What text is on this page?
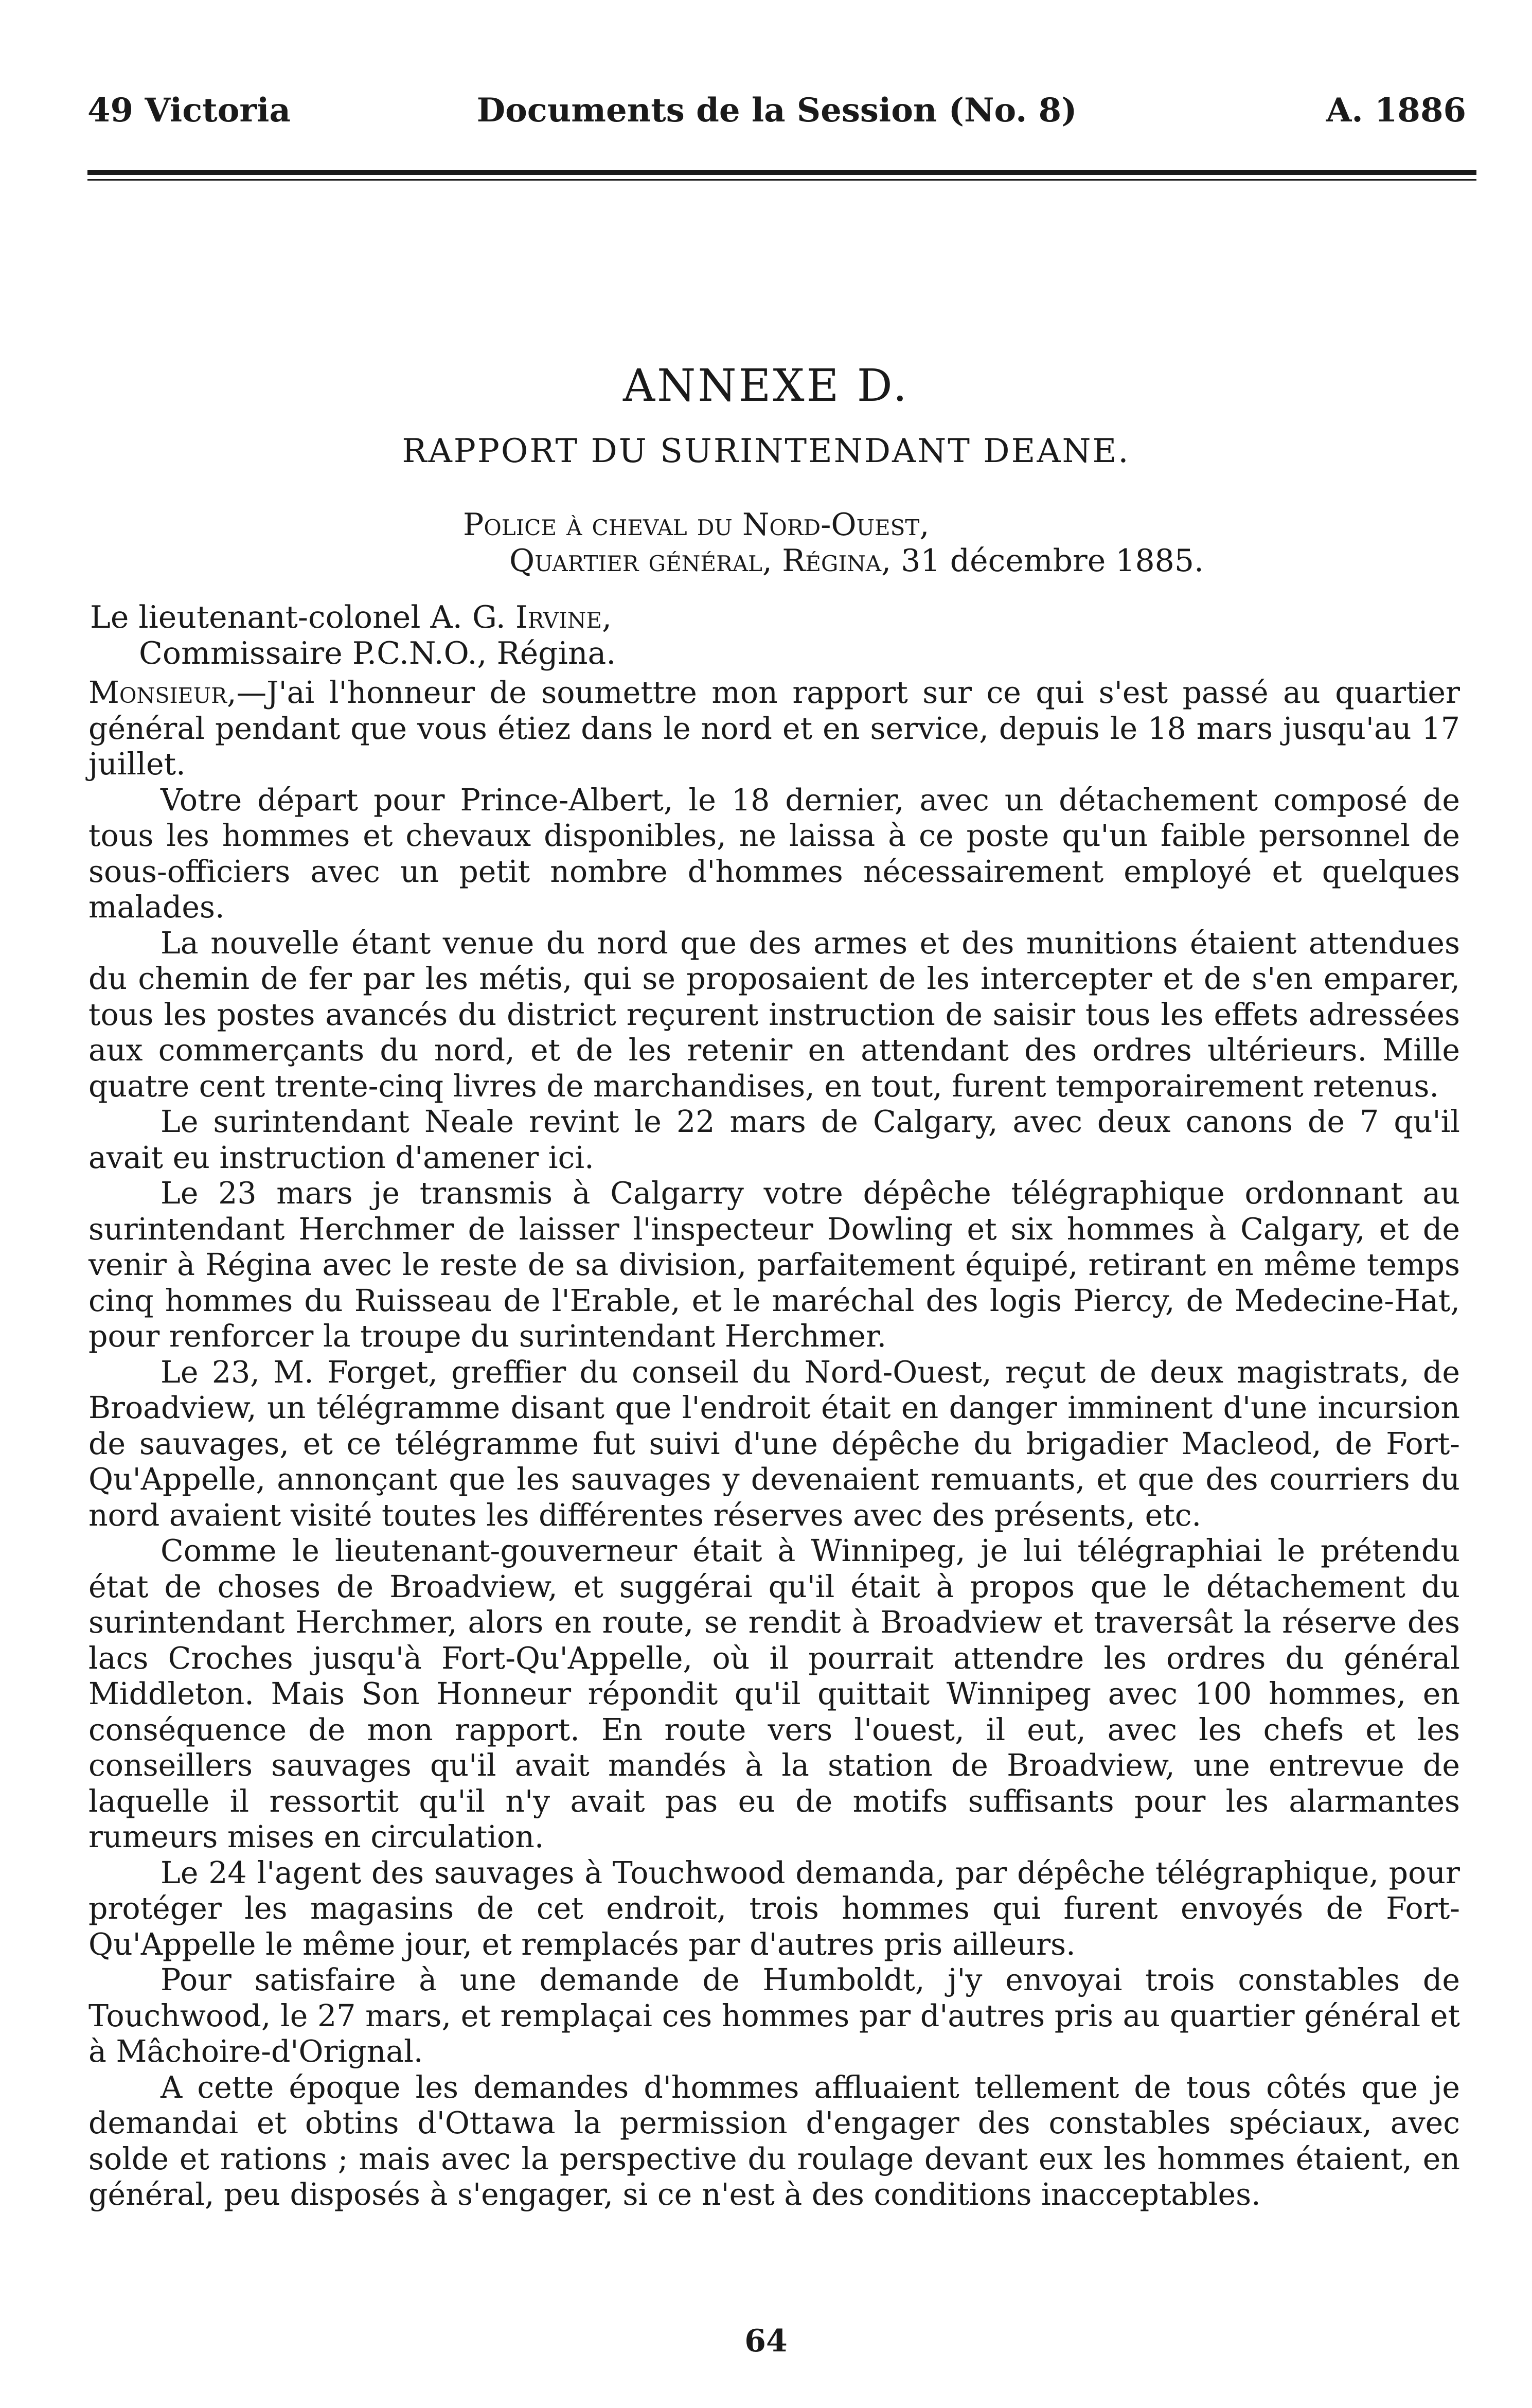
49 Victoria	Documents de la Session (No. 8)	A. 1886
ANNEXE D.
RAPPORT DU SURINTENDANT DEANE.
Police à cheval du Nord-Ouest,
Quartier général, Régina, 31 décembre 1885.
Le lieutenant-colonel A. G. Irvine,
Commissaire P.C.N.O., Régina.

Monsieur,—J'ai l'honneur de soumettre mon rapport sur ce qui s'est passé au quartier général pendant que vous étiez dans le nord et en service, depuis le 18 mars jusqu'au 17 juillet.

Votre départ pour Prince-Albert, le 18 dernier, avec un détachement composé de tous les hommes et chevaux disponibles, ne laissa à ce poste qu'un faible personnel de sous-officiers avec un petit nombre d'hommes nécessairement employé et quelques malades.

La nouvelle étant venue du nord que des armes et des munitions étaient attendues du chemin de fer par les métis, qui se proposaient de les intercepter et de s'en emparer, tous les postes avancés du district reçurent instruction de saisir tous les effets adressées aux commerçants du nord, et de les retenir en attendant des ordres ultérieurs. Mille quatre cent trente-cinq livres de marchandises, en tout, furent temporairement retenus.

Le surintendant Neale revint le 22 mars de Calgary, avec deux canons de 7 qu'il avait eu instruction d'amener ici.

Le 23 mars je transmis à Calgarry votre dépêche télégraphique ordonnant au surintendant Herchmer de laisser l'inspecteur Dowling et six hommes à Calgary, et de venir à Régina avec le reste de sa division, parfaitement équipé, retirant en même temps cinq hommes du Ruisseau de l'Erable, et le maréchal des logis Piercy, de Medecine-Hat, pour renforcer la troupe du surintendant Herchmer.

Le 23, M. Forget, greffier du conseil du Nord-Ouest, reçut de deux magistrats, de Broadview, un télégramme disant que l'endroit était en danger imminent d'une incursion de sauvages, et ce télégramme fut suivi d'une dépêche du brigadier Macleod, de Fort-Qu'Appelle, annonçant que les sauvages y devenaient remuants, et que des courriers du nord avaient visité toutes les différentes réserves avec des présents, etc.

Comme le lieutenant-gouverneur était à Winnipeg, je lui télégraphiai le prétendu état de choses de Broadview, et suggérai qu'il était à propos que le détachement du surintendant Herchmer, alors en route, se rendit à Broadview et traversât la réserve des lacs Croches jusqu'à Fort-Qu'Appelle, où il pourrait attendre les ordres du général Middleton. Mais Son Honneur répondit qu'il quittait Winnipeg avec 100 hommes, en conséquence de mon rapport. En route vers l'ouest, il eut, avec les chefs et les conseillers sauvages qu'il avait mandés à la station de Broadview, une entrevue de laquelle il ressortit qu'il n'y avait pas eu de motifs suffisants pour les alarmantes rumeurs mises en circulation.

Le 24 l'agent des sauvages à Touchwood demanda, par dépêche télégraphique, pour protéger les magasins de cet endroit, trois hommes qui furent envoyés de Fort-Qu'Appelle le même jour, et remplacés par d'autres pris ailleurs.

Pour satisfaire à une demande de Humboldt, j'y envoyai trois constables de Touchwood, le 27 mars, et remplaçai ces hommes par d'autres pris au quartier général et à Mâchoire-d'Orignal.

A cette époque les demandes d'hommes affluaient tellement de tous côtés que je demandai et obtins d'Ottawa la permission d'engager des constables spéciaux, avec solde et rations ; mais avec la perspective du roulage devant eux les hommes étaient, en général, peu disposés à s'engager, si ce n'est à des conditions inacceptables.

64
